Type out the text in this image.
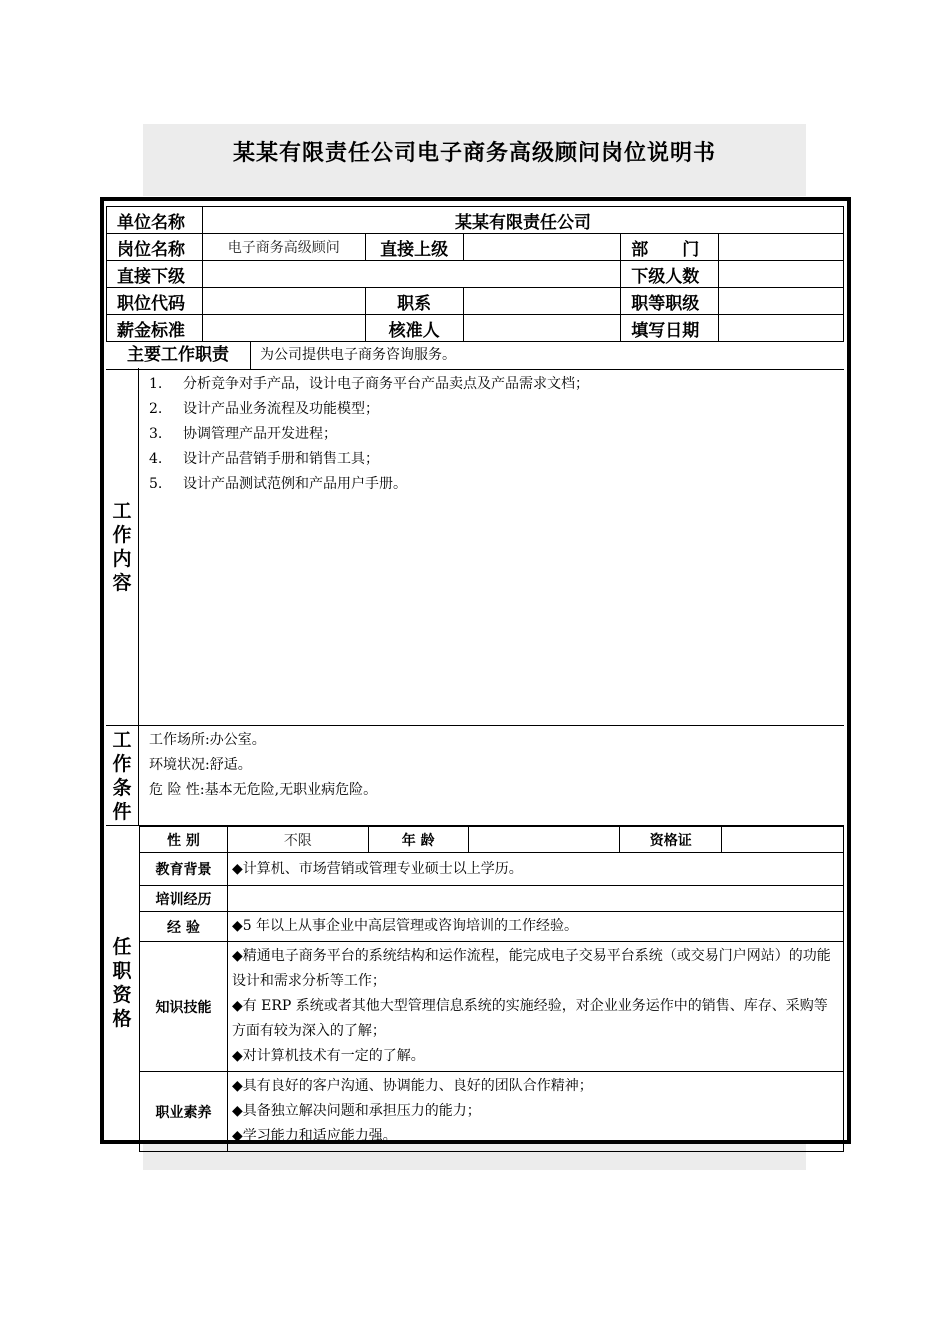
某某有限责任公司电子商务高级顾问岗位说明书
单位名称	某某有限责任公司				
岗位名称	电子商务高级顾问	直接上级		部　　门	
直接下级				下级人数	
职位代码		职系		职等职级	
薪金标准		核准人		填写日期	
主要工作职责	为公司提供电子商务咨询服务。
工
作
内
容
1.	分析竞争对手产品，设计电子商务平台产品卖点及产品需求文档；
2.	设计产品业务流程及功能模型；
3.	协调管理产品开发进程；
4.	设计产品营销手册和销售工具；
5.	设计产品测试范例和产品用户手册。
工
作
条
件
工作场所:办公室。
环境状况:舒适。
危 险 性:基本无危险,无职业病危险。
任
职
资
格
性 别	不限	年 龄		资格证	
教育背景	◆计算机、市场营销或管理专业硕士以上学历。				
培训经历					
经 验	◆5 年以上从事企业中高层管理或咨询培训的工作经验。				
知识技能	◆精通电子商务平台的系统结构和运作流程，能完成电子交易平台系统（或交易门户网站）的功能设计和需求分析等工作；
◆有 ERP 系统或者其他大型管理信息系统的实施经验，对企业业务运作中的销售、库存、采购等方面有较为深入的了解；
◆对计算机技术有一定的了解。				

职业素养	◆具有良好的客户沟通、协调能力、良好的团队合作精神；
◆具备独立解决问题和承担压力的能力；
◆学习能力和适应能力强。				
